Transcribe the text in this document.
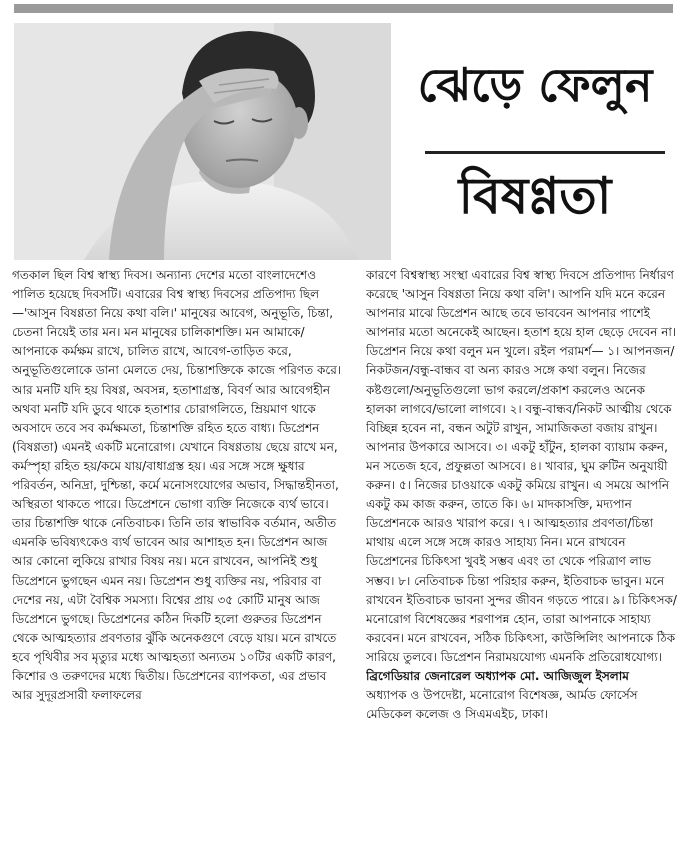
ঝেড়ে ফেলুন
বিষণ্ণতা

গতকাল ছিল বিশ্ব স্বাস্থ্য দিবস। অন্যান্য দেশের মতো বাংলাদেশেও পালিত হয়েছে দিবসটি। এবারের বিশ্ব স্বাস্থ্য দিবসের প্রতিপাদ্য ছিল —'আসুন বিষণ্ণতা নিয়ে কথা বলি।' মানুষের আবেগ, অনুভূতি, চিন্তা, চেতনা নিয়েই তার মন। মন মানুষের চালিকাশক্তি। মন আমাকে/আপনাকে কর্মক্ষম রাখে, চালিত রাখে, আবেগ-তাড়িত করে, অনুভূতিগুলোকে ডানা মেলতে দেয়, চিন্তাশক্তিকে কাজে পরিণত করে। আর মনটি যদি হয় বিষণ্ণ, অবসন্ন, হতাশাগ্রস্ত, বিবর্ণ আর আবেগহীন অথবা মনটি যদি ডুবে থাকে হতাশার চোরাগলিতে, ম্রিয়মাণ থাকে অবসাদে তবে সব কর্মক্ষমতা, চিন্তাশক্তি রহিত হতে বাধ্য। ডিপ্রেশন (বিষণ্ণতা) এমনই একটি মনোরোগ। যেখানে বিষণ্ণতায় ছেয়ে রাখে মন, কর্মস্পৃহা রহিত হয়/কমে যায়/বাধাগ্রস্ত হয়। এর সঙ্গে সঙ্গে ক্ষুধার পরিবর্তন, অনিদ্রা, দুশ্চিন্তা, কর্মে মনোসংযোগের অভাব, সিদ্ধান্তহীনতা, অস্থিরতা থাকতে পারে। ডিপ্রেশনে ভোগা ব্যক্তি নিজেকে ব্যর্থ ভাবে। তার চিন্তাশক্তি থাকে নেতিবাচক। তিনি তার স্বাভাবিক বর্তমান, অতীত এমনকি ভবিষ্যৎকেও ব্যর্থ ভাবেন আর আশাহত হন। ডিপ্রেশন আজ আর কোনো লুকিয়ে রাখার বিষয় নয়। মনে রাখবেন, আপনিই শুধু ডিপ্রেশনে ভুগছেন এমন নয়। ডিপ্রেশন শুধু ব্যক্তির নয়, পরিবার বা দেশের নয়, এটা বৈশ্বিক সমস্যা। বিশ্বের প্রায় ৩৫ কোটি মানুষ আজ ডিপ্রেশনে ভুগছে। ডিপ্রেশনের কঠিন দিকটি হলো গুরুতর ডিপ্রেশন থেকে আত্মহত্যার প্রবণতার ঝুঁকি অনেকগুণে বেড়ে যায়। মনে রাখতে হবে পৃথিবীর সব মৃত্যুর মধ্যে আত্মহত্যা অন্যতম ১০টির একটি কারণ, কিশোর ও তরুণদের মধ্যে দ্বিতীয়। ডিপ্রেশনের ব্যাপকতা, এর প্রভাব আর সুদূরপ্রসারী ফলাফলের

কারণে বিশ্বস্বাস্থ্য সংস্থা এবারের বিশ্ব স্বাস্থ্য দিবসে প্রতিপাদ্য নির্ধারণ করেছে 'আসুন বিষণ্ণতা নিয়ে কথা বলি'। আপনি যদি মনে করেন আপনার মাঝে ডিপ্রেশন আছে তবে ভাববেন আপনার পাশেই আপনার মতো অনেকেই আছেন। হতাশ হয়ে হাল ছেড়ে দেবেন না। ডিপ্রেশন নিয়ে কথা বলুন মন খুলে। রইল পরামর্শ— ১। আপনজন/নিকটজন/বন্ধু-বান্ধব বা অন্য কারও সঙ্গে কথা বলুন। নিজের কষ্টগুলো/অনুভূতিগুলো ভাগ করলে/প্রকাশ করলেও অনেক হালকা লাগবে/ভালো লাগবে। ২। বন্ধু-বান্ধব/নিকট আত্মীয় থেকে বিচ্ছিন্ন হবেন না, বন্ধন অটুট রাখুন, সামাজিকতা বজায় রাখুন। আপনার উপকারে আসবে। ৩। একটু হাঁটুন, হালকা ব্যায়াম করুন, মন সতেজ হবে, প্রফুল্লতা আসবে। ৪। খাবার, ঘুম রুটিন অনুযায়ী করুন। ৫। নিজের চাওয়াকে একটু কমিয়ে রাখুন। এ সময়ে আপনি একটু কম কাজ করুন, তাতে কি। ৬। মাদকাসক্তি, মদ্যপান ডিপ্রেশনকে আরও খারাপ করে। ৭। আত্মহত্যার প্রবণতা/চিন্তা মাথায় এলে সঙ্গে সঙ্গে কারও সাহায্য নিন। মনে রাখবেন ডিপ্রেশনের চিকিৎসা খুবই সম্ভব এবং তা থেকে পরিত্রাণ লাভ সম্ভব। ৮। নেতিবাচক চিন্তা পরিহার করুন, ইতিবাচক ভাবুন। মনে রাখবেন ইতিবাচক ভাবনা সুন্দর জীবন গড়তে পারে। ৯। চিকিৎসক/ মনোরোগ বিশেষজ্ঞের শরণাপন্ন হোন, তারা আপনাকে সাহায্য করবেন। মনে রাখবেন, সঠিক চিকিৎসা, কাউন্সিলিং আপনাকে ঠিক সারিয়ে তুলবে। ডিপ্রেশন নিরাময়যোগ্য এমনকি প্রতিরোধযোগ্য।

ব্রিগেডিয়ার জেনারেল অধ্যাপক মো. আজিজুল ইসলাম

অধ্যাপক ও উপদেষ্টা, মনোরোগ বিশেষজ্ঞ, আর্মড ফোর্সেস মেডিকেল কলেজ ও সিএমএইচ, ঢাকা।
